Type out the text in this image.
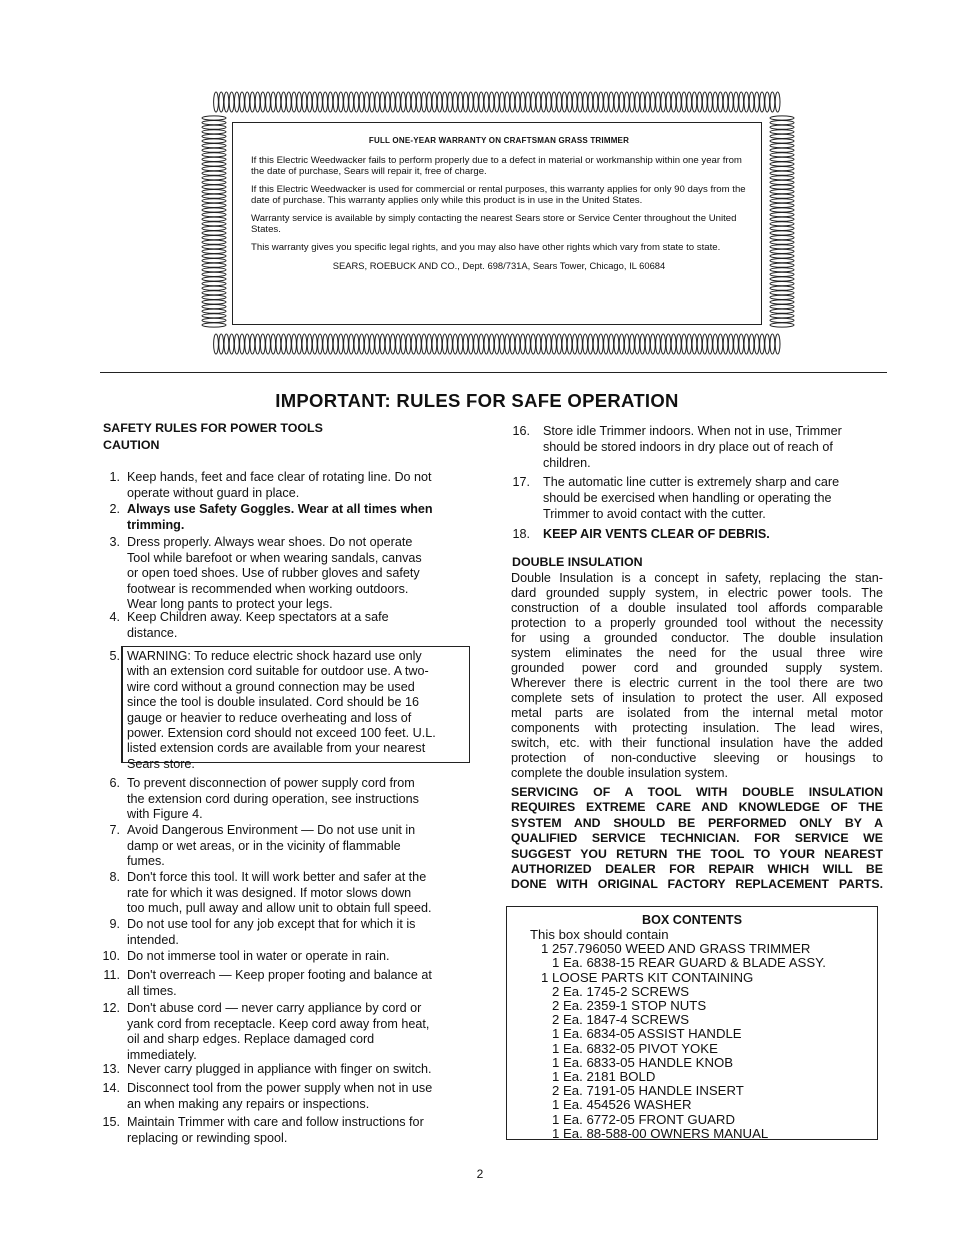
FULL ONE-YEAR WARRANTY ON CRAFTSMAN GRASS TRIMMER

If this Electric Weedwacker fails to perform properly due to a defect in material or workmanship within one year from the date of purchase, Sears will repair it, free of charge.

If this Electric Weedwacker is used for commercial or rental purposes, this warranty applies for only 90 days from the date of purchase. This warranty applies only while this product is in use in the United States.

Warranty service is available by simply contacting the nearest Sears store or Service Center throughout the United States.

This warranty gives you specific legal rights, and you may also have other rights which vary from state to state.

SEARS, ROEBUCK AND CO., Dept. 698/731A, Sears Tower, Chicago, IL 60684
IMPORTANT: RULES FOR SAFE OPERATION
SAFETY RULES FOR POWER TOOLS
CAUTION
1. Keep hands, feet and face clear of rotating line. Do not
operate without guard in place.
2. Always use Safety Goggles. Wear at all times when
trimming.
3. Dress properly. Always wear shoes. Do not operate
Tool while barefoot or when wearing sandals, canvas
or open toed shoes. Use of rubber gloves and safety
footwear is recommended when working outdoors.
Wear long pants to protect your legs.
4. Keep Children away. Keep spectators at a safe
distance.
5. WARNING: To reduce electric shock hazard use only
with an extension cord suitable for outdoor use. A two-
wire cord without a ground connection may be used
since the tool is double insulated. Cord should be 16
gauge or heavier to reduce overheating and loss of
power. Extension cord should not exceed 100 feet. U.L.
listed extension cords are available from your nearest
Sears store.
6. To prevent disconnection of power supply cord from
the extension cord during operation, see instructions
with Figure 4.
7. Avoid Dangerous Environment — Do not use unit in
damp or wet areas, or in the vicinity of flammable
fumes.
8. Don't force this tool. It will work better and safer at the
rate for which it was designed. If motor slows down
too much, pull away and allow unit to obtain full speed.
9. Do not use tool for any job except that for which it is
intended.
10. Do not immerse tool in water or operate in rain.
11. Don't overreach — Keep proper footing and balance at
all times.
12. Don't abuse cord — never carry appliance by cord or
yank cord from receptacle. Keep cord away from heat,
oil and sharp edges. Replace damaged cord
immediately.
13. Never carry plugged in appliance with finger on switch.
14. Disconnect tool from the power supply when not in use
an when making any repairs or inspections.
15. Maintain Trimmer with care and follow instructions for
replacing or rewinding spool.
16. Store idle Trimmer indoors. When not in use, Trimmer
should be stored indoors in dry place out of reach of
children.
17. The automatic line cutter is extremely sharp and care
should be exercised when handling or operating the
Trimmer to avoid contact with the cutter.
18. KEEP AIR VENTS CLEAR OF DEBRIS.
DOUBLE INSULATION
Double Insulation is a concept in safety, replacing the stan-
dard grounded supply system, in electric power tools. The
construction of a double insulated tool affords comparable
protection to a properly grounded tool without the necessity
for using a grounded conductor. The double insulation
system eliminates the need for the usual three wire
grounded power cord and grounded supply system.
Wherever there is electric current in the tool there are two
complete sets of insulation to protect the user. All exposed
metal parts are isolated from the internal metal motor
components with protecting insulation. The lead wires,
switch, etc. with their functional insulation have the added
protection of non-conductive sleeving or housings to
complete the double insulation system.
SERVICING OF A TOOL WITH DOUBLE INSULATION
REQUIRES EXTREME CARE AND KNOWLEDGE OF THE
SYSTEM AND SHOULD BE PERFORMED ONLY BY A
QUALIFIED SERVICE TECHNICIAN. FOR SERVICE WE
SUGGEST YOU RETURN THE TOOL TO YOUR NEAREST
AUTHORIZED DEALER FOR REPAIR WHICH WILL BE
DONE WITH ORIGINAL FACTORY REPLACEMENT PARTS.
BOX CONTENTS
This box should contain
1 257.796050 WEED AND GRASS TRIMMER
1 Ea. 6838-15 REAR GUARD & BLADE ASSY.
1 LOOSE PARTS KIT CONTAINING
2 Ea. 1745-2 SCREWS
2 Ea. 2359-1 STOP NUTS
2 Ea. 1847-4 SCREWS
1 Ea. 6834-05 ASSIST HANDLE
1 Ea. 6832-05 PIVOT YOKE
1 Ea. 6833-05 HANDLE KNOB
1 Ea. 2181 BOLD
2 Ea. 7191-05 HANDLE INSERT
1 Ea. 454526 WASHER
1 Ea. 6772-05 FRONT GUARD
1 Ea. 88-588-00 OWNERS MANUAL
2
